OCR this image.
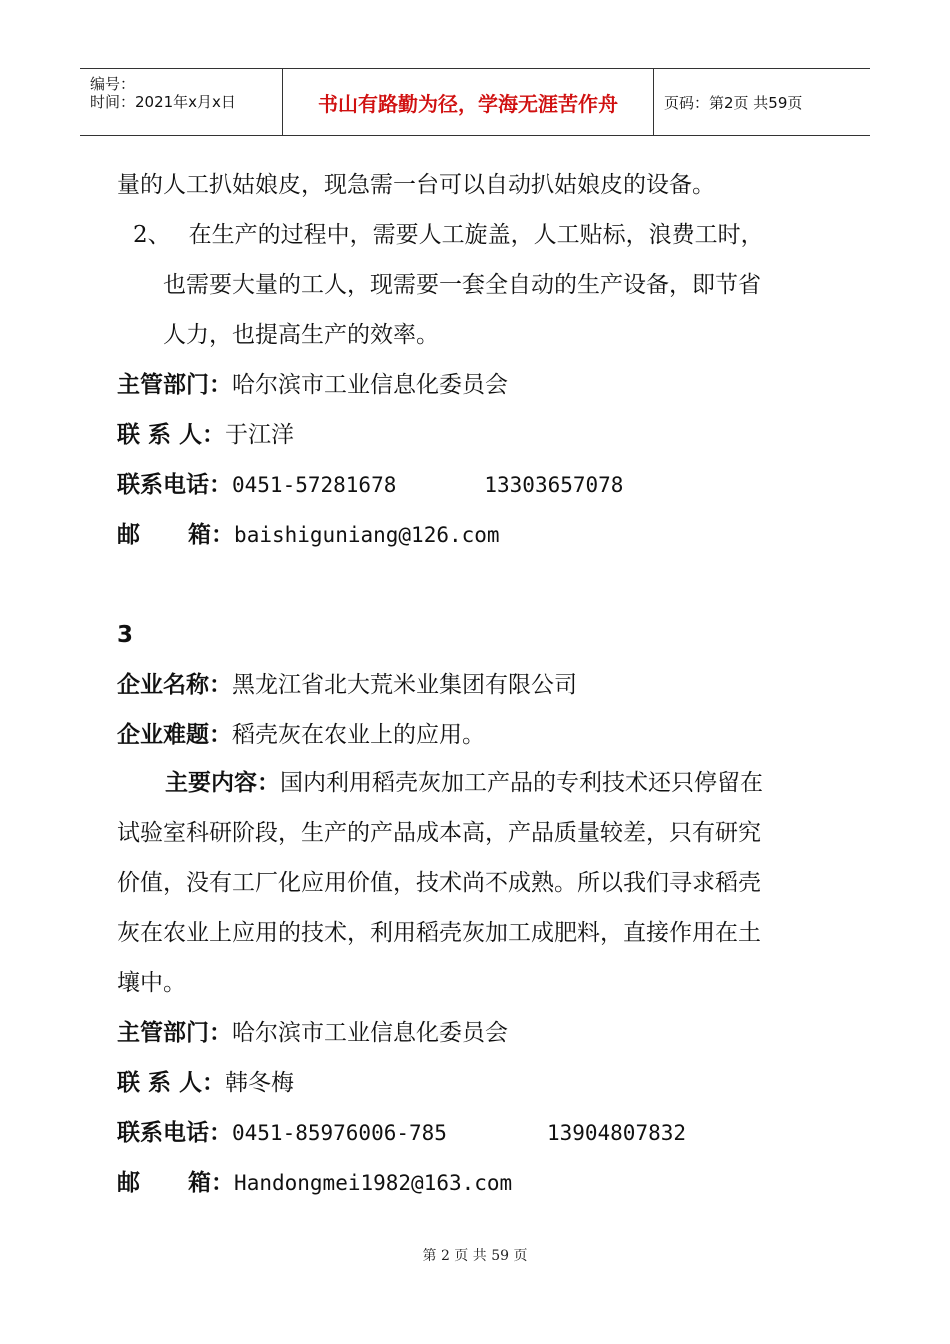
编号：
时间：2021年x月x日	书山有路勤为径，学海无涯苦作舟	页码：第2页 共59页
量的人工扒姑娘皮，现急需一台可以自动扒姑娘皮的设备。
2、 在生产的过程中，需要人工旋盖，人工贴标，浪费工时，
也需要大量的工人，现需要一套全自动的生产设备，即节省
人力，也提高生产的效率。
主管部门：哈尔滨市工业信息化委员会
联 系 人：于江洋
联系电话：0451-57281678	13303657078
邮      箱：baishiguniang@126.com
3
企业名称：黑龙江省北大荒米业集团有限公司
企业难题：稻壳灰在农业上的应用。
主要内容：国内利用稻壳灰加工产品的专利技术还只停留在
试验室科研阶段，生产的产品成本高，产品质量较差，只有研究
价值，没有工厂化应用价值，技术尚不成熟。所以我们寻求稻壳
灰在农业上应用的技术，利用稻壳灰加工成肥料，直接作用在土
壤中。
主管部门：哈尔滨市工业信息化委员会
联 系 人：韩冬梅
联系电话：0451-85976006-785	13904807832
邮      箱：Handongmei1982@163.com
第 2 页 共 59 页
